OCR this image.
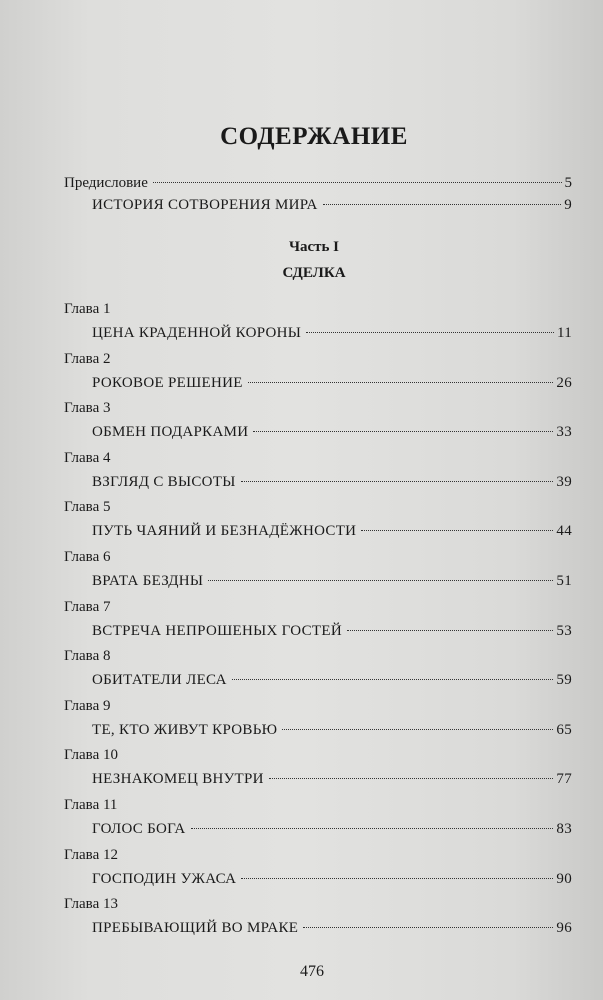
СОДЕРЖАНИЕ
Предисловие	5
ИСТОРИЯ СОТВОРЕНИЯ МИРА	9
Часть I
СДЕЛКА
Глава 1
ЦЕНА КРАДЕННОЙ КОРОНЫ	11
Глава 2
РОКОВОЕ РЕШЕНИЕ	26
Глава 3
ОБМЕН ПОДАРКАМИ	33
Глава 4
ВЗГЛЯД С ВЫСОТЫ	39
Глава 5
ПУТЬ ЧАЯНИЙ И БЕЗНАДЁЖНОСТИ	44
Глава 6
ВРАТА БЕЗДНЫ	51
Глава 7
ВСТРЕЧА НЕПРОШЕНЫХ ГОСТЕЙ	53
Глава 8
ОБИТАТЕЛИ ЛЕСА	59
Глава 9
ТЕ, КТО ЖИВУТ КРОВЬЮ	65
Глава 10
НЕЗНАКОМЕЦ ВНУТРИ	77
Глава 11
ГОЛОС БОГА	83
Глава 12
ГОСПОДИН УЖАСА	90
Глава 13
ПРЕБЫВАЮЩИЙ ВО МРАКЕ	96
476
